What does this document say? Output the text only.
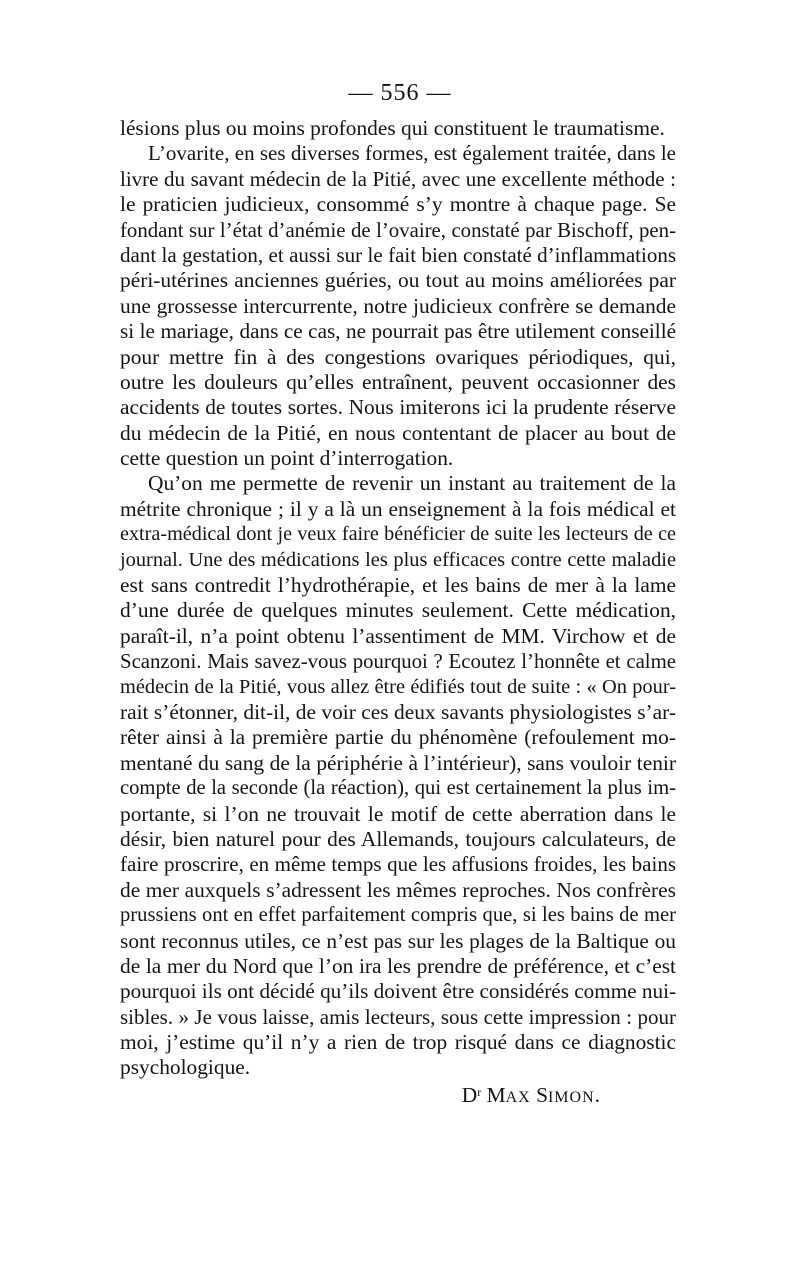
— 556 —
lésions plus ou moins profondes qui constituent le traumatisme.
L’ovarite, en ses diverses formes, est également traitée, dans le
livre du savant médecin de la Pitié, avec une excellente méthode :
le praticien judicieux, consommé s’y montre à chaque page. Se
fondant sur l’état d’anémie de l’ovaire, constaté par Bischoff, pen-
dant la gestation, et aussi sur le fait bien constaté d’inflammations
péri-utérines anciennes guéries, ou tout au moins améliorées par
une grossesse intercurrente, notre judicieux confrère se demande
si le mariage, dans ce cas, ne pourrait pas être utilement conseillé
pour mettre fin à des congestions ovariques périodiques, qui,
outre les douleurs qu’elles entraînent, peuvent occasionner des
accidents de toutes sortes. Nous imiterons ici la prudente réserve
du médecin de la Pitié, en nous contentant de placer au bout de
cette question un point d’interrogation.
Qu’on me permette de revenir un instant au traitement de la
métrite chronique ; il y a là un enseignement à la fois médical et
extra-médical dont je veux faire bénéficier de suite les lecteurs de ce
journal. Une des médications les plus efficaces contre cette maladie
est sans contredit l’hydrothérapie, et les bains de mer à la lame
d’une durée de quelques minutes seulement. Cette médication,
paraît-il, n’a point obtenu l’assentiment de MM. Virchow et de
Scanzoni. Mais savez-vous pourquoi ? Ecoutez l’honnête et calme
médecin de la Pitié, vous allez être édifiés tout de suite : « On pour-
rait s’étonner, dit-il, de voir ces deux savants physiologistes s’ar-
rêter ainsi à la première partie du phénomène (refoulement mo-
mentané du sang de la périphérie à l’intérieur), sans vouloir tenir
compte de la seconde (la réaction), qui est certainement la plus im-
portante, si l’on ne trouvait le motif de cette aberration dans le
désir, bien naturel pour des Allemands, toujours calculateurs, de
faire proscrire, en même temps que les affusions froides, les bains
de mer auxquels s’adressent les mêmes reproches. Nos confrères
prussiens ont en effet parfaitement compris que, si les bains de mer
sont reconnus utiles, ce n’est pas sur les plages de la Baltique ou
de la mer du Nord que l’on ira les prendre de préférence, et c’est
pourquoi ils ont décidé qu’ils doivent être considérés comme nui-
sibles. » Je vous laisse, amis lecteurs, sous cette impression : pour
moi, j’estime qu’il n’y a rien de trop risqué dans ce diagnostic
psychologique.
$D^r$ MAX SIMON.
